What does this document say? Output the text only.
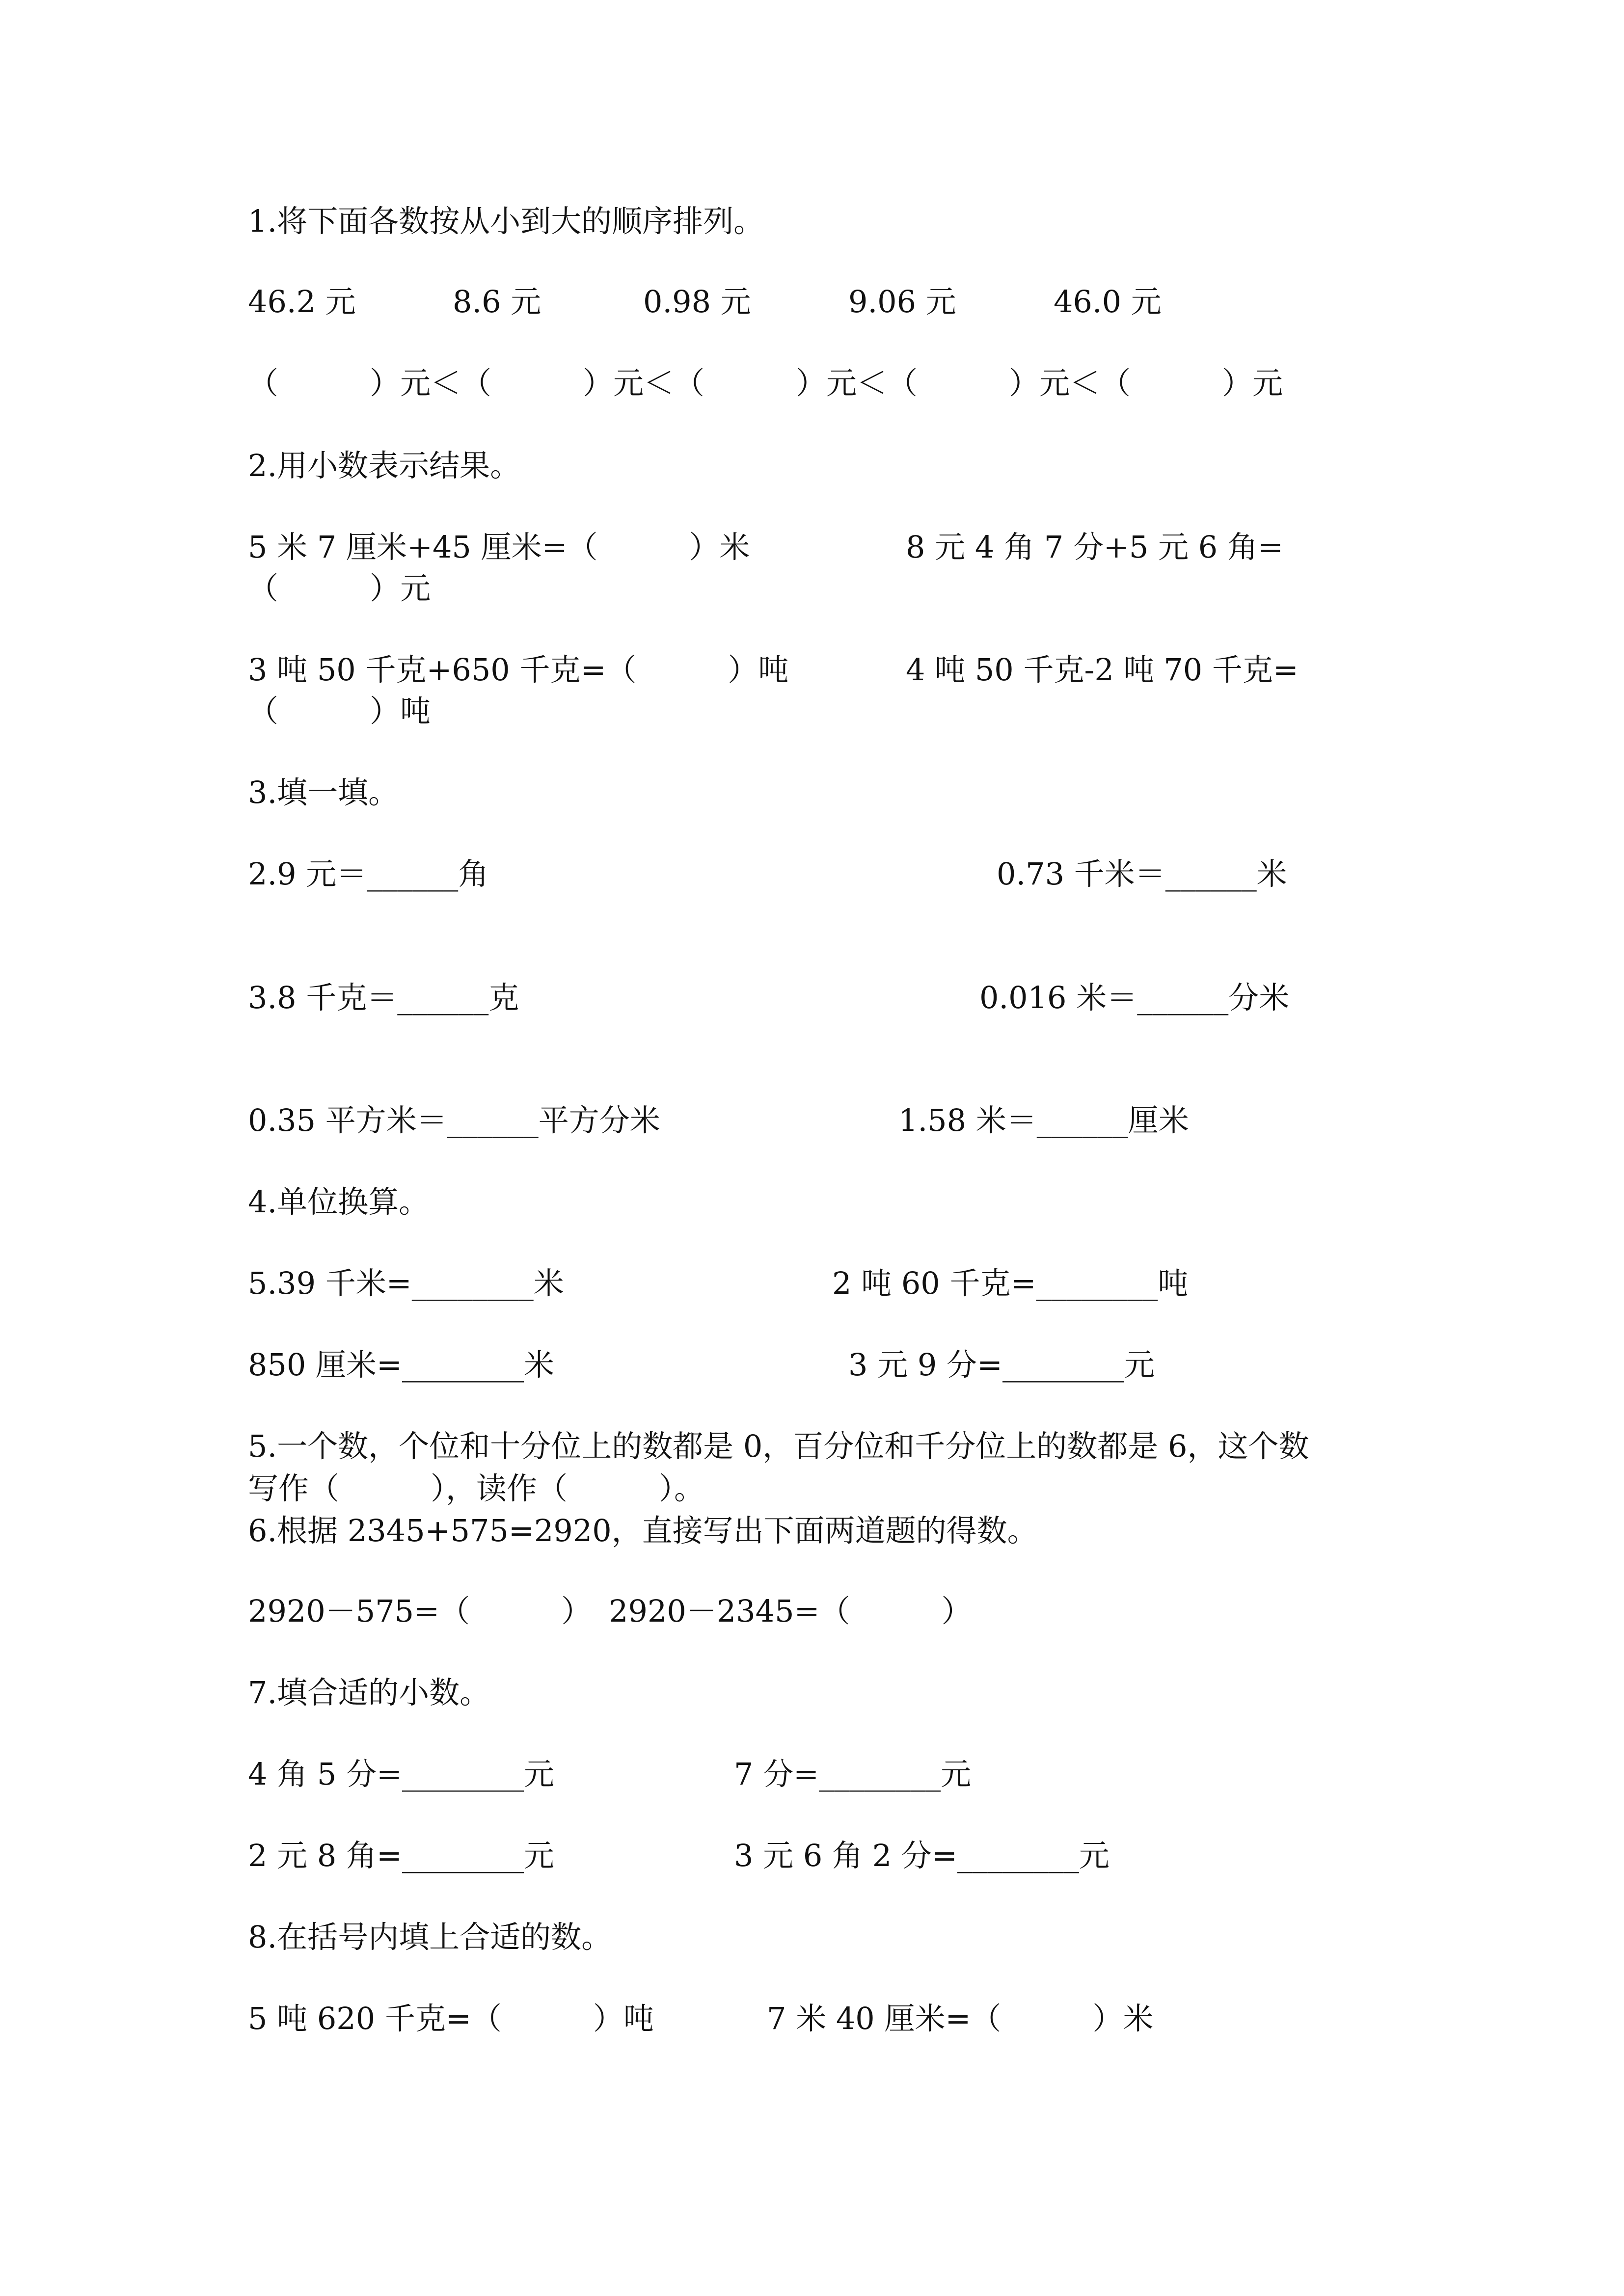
1.将下面各数按从小到大的顺序排列。
46.2 元	8.6 元	0.98 元	9.06 元	46.0 元
（　　　）元＜（　　　）元＜（　　　）元＜（　　　）元＜（　　　）元
2.用小数表示结果。
5 米 7 厘米+45 厘米=（　　　）米	8 元 4 角 7 分+5 元 6 角=
（　　　）元
3 吨 50 千克+650 千克=（　　　）吨	4 吨 50 千克-2 吨 70 千克=
（　　　）吨
3.填一填。
2.9 元＝______角	0.73 千米＝______米
3.8 千克＝______克	0.016 米＝______分米
0.35 平方米＝______平方分米	1.58 米＝______厘米
4.单位换算。
5.39 千米=________米	2 吨 60 千克=________吨
850 厘米=________米	3 元 9 分=________元
5.一个数，个位和十分位上的数都是 0，百分位和千分位上的数都是 6，这个数
写作（　　　），读作（　　　）。
6.根据 2345+575=2920，直接写出下面两道题的得数。
2920－575=（　　　） 2920－2345=（　　　）
7.填合适的小数。
4 角 5 分=________元	7 分=________元
2 元 8 角=________元	3 元 6 角 2 分=________元
8.在括号内填上合适的数。
5 吨 620 千克=（　　　）吨	7 米 40 厘米=（　　　）米
